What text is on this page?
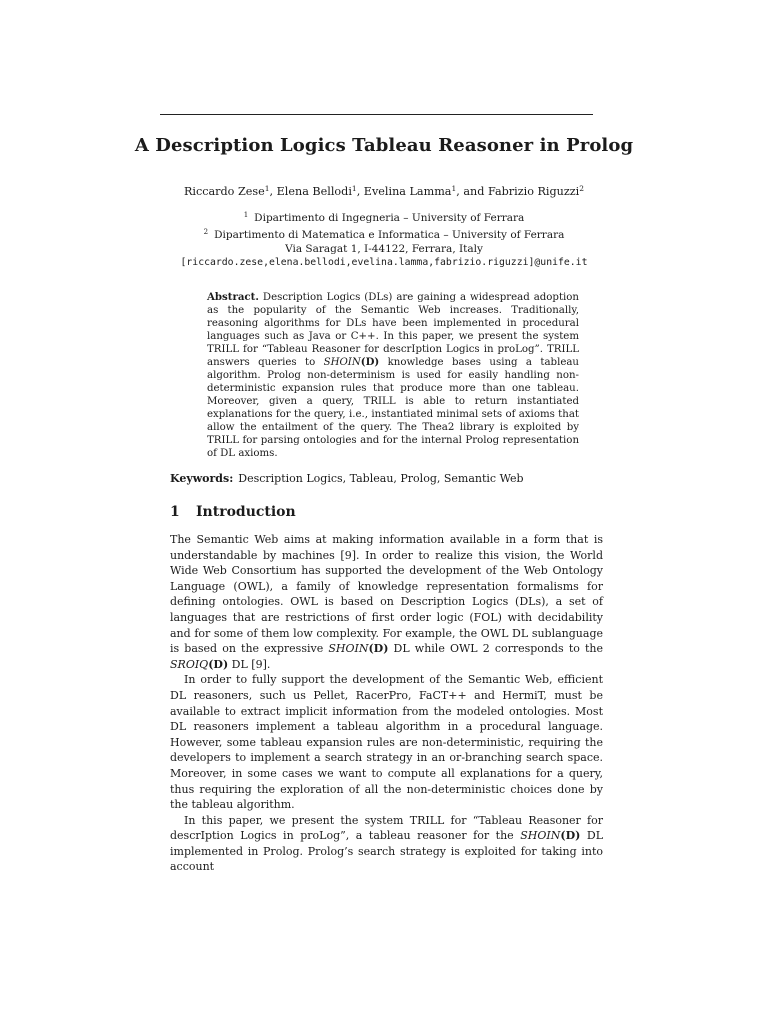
A Description Logics Tableau Reasoner in Prolog
Riccardo Zese$^1$, Elena Bellodi$^1$, Evelina Lamma$^1$, and Fabrizio Riguzzi$^2$
$^1$ Dipartimento di Ingegneria – University of Ferrara
$^2$ Dipartimento di Matematica e Informatica – University of Ferrara
Via Saragat 1, I-44122, Ferrara, Italy
[riccardo.zese,elena.bellodi,evelina.lamma,fabrizio.riguzzi]@unife.it
Abstract. Description Logics (DLs) are gaining a widespread adoption as the popularity of the Semantic Web increases. Traditionally, reasoning algorithms for DLs have been implemented in procedural languages such as Java or C++. In this paper, we present the system TRILL for “Tableau Reasoner for descrIption Logics in proLog”. TRILL answers queries to SHOIN(D) knowledge bases using a tableau algorithm. Prolog non-determinism is used for easily handling non-deterministic expansion rules that produce more than one tableau. Moreover, given a query, TRILL is able to return instantiated explanations for the query, i.e., instantiated minimal sets of axioms that allow the entailment of the query. The Thea2 library is exploited by TRILL for parsing ontologies and for the internal Prolog representation of DL axioms.
Keywords: Description Logics, Tableau, Prolog, Semantic Web
1 Introduction

The Semantic Web aims at making information available in a form that is understandable by machines [9]. In order to realize this vision, the World Wide Web Consortium has supported the development of the Web Ontology Language (OWL), a family of knowledge representation formalisms for defining ontologies. OWL is based on Description Logics (DLs), a set of languages that are restrictions of first order logic (FOL) with decidability and for some of them low complexity. For example, the OWL DL sublanguage is based on the expressive SHOIN(D) DL while OWL 2 corresponds to the SROIQ(D) DL [9].

In order to fully support the development of the Semantic Web, efficient DL reasoners, such us Pellet, RacerPro, FaCT++ and HermiT, must be available to extract implicit information from the modeled ontologies. Most DL reasoners implement a tableau algorithm in a procedural language. However, some tableau expansion rules are non-deterministic, requiring the developers to implement a search strategy in an or-branching search space. Moreover, in some cases we want to compute all explanations for a query, thus requiring the exploration of all the non-deterministic choices done by the tableau algorithm.

In this paper, we present the system TRILL for “Tableau Reasoner for descrIption Logics in proLog”, a tableau reasoner for the SHOIN(D) DL implemented in Prolog. Prolog’s search strategy is exploited for taking into account
